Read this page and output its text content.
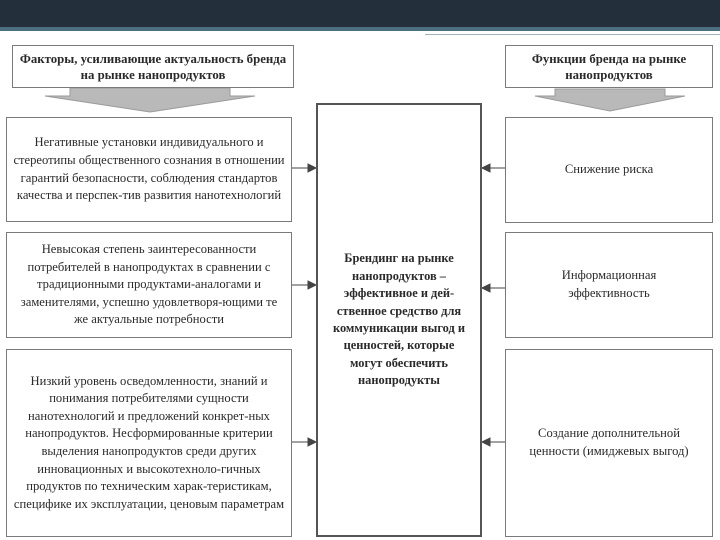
Факторы, усиливающие актуальность бренда на рынке нанопродуктов
Функции бренда на рынке нанопродуктов
Негативные установки индивидуального и стереотипы общественного сознания в отношении гарантий безопасности, соблюдения стандартов качества и перспек-тив развития нанотехнологий
Невысокая степень заинтересованности потребителей в нанопродуктах в сравнении с традиционными продуктами-аналогами и заменителями, успешно удовлетворя-ющими те же актуальные потребности
Низкий уровень осведомленности, знаний и понимания потребителями сущности нанотехнологий и предложений конкрет-ных нанопродуктов. Несформированные критерии выделения нанопродуктов среди других инновационных и высокотехноло-гичных продуктов по техническим харак-теристикам, специфике их эксплуатации, ценовым параметрам
Брендинг на рынке нанопродуктов – эффективное и дей-ственное средство для коммуникации выгод и ценностей, которые могут обеспечить нанопродукты
Снижение риска
Информационная эффективность
Создание дополнительной ценности (имиджевых выгод)
